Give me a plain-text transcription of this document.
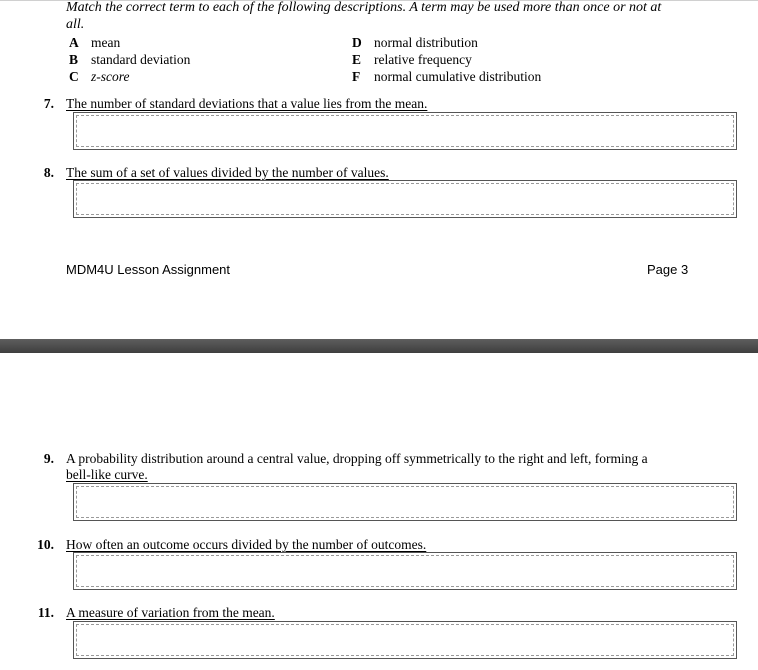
Match the correct term to each of the following descriptions. A term may be used more than once or not at
all.
A mean
B standard deviation
C z-score
D normal distribution
E relative frequency
F normal cumulative distribution
7. The number of standard deviations that a value lies from the mean.
8. The sum of a set of values divided by the number of values.
MDM4U Lesson Assignment	Page 3
9. A probability distribution around a central value, dropping off symmetrically to the right and left, forming a
bell-like curve.
10. How often an outcome occurs divided by the number of outcomes.
11. A measure of variation from the mean.
